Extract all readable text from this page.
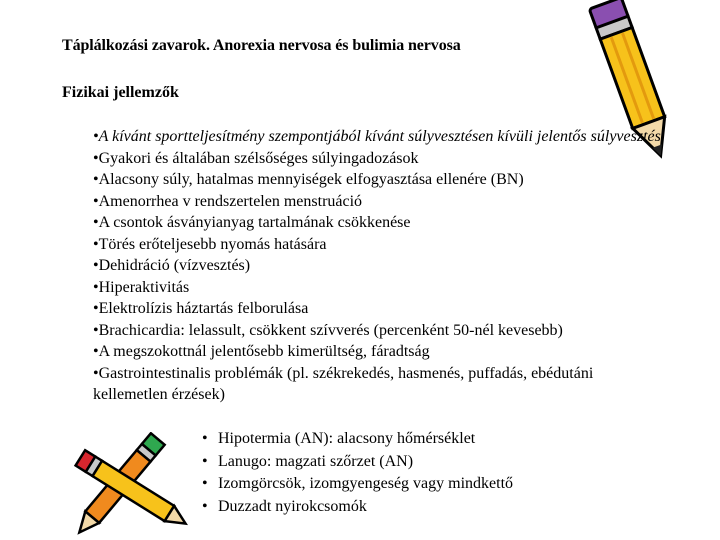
Táplálkozási zavarok. Anorexia nervosa és bulimia nervosa
Fizikai jellemzők
•A kívánt sportteljesítmény szempontjából kívánt súlyvesztésen kívüli jelentős súlyvesztés
•Gyakori és általában szélsőséges súlyingadozások
•Alacsony súly, hatalmas mennyiségek elfogyasztása ellenére (BN)
•Amenorrhea v rendszertelen menstruáció
•A csontok ásványianyag tartalmának csökkenése
•Törés erőteljesebb nyomás hatására
•Dehidráció (vízvesztés)
•Hiperaktivitás
•Elektrolízis háztartás felborulása
•Brachicardia: lelassult, csökkent szívverés (percenként 50-nél kevesebb)
•A megszokottnál jelentősebb kimerültség, fáradtság
•Gastrointestinalis problémák (pl. székrekedés, hasmenés, puffadás, ebédutáni kellemetlen érzések)
• Hipotermia (AN): alacsony hőmérséklet
• Lanugo: magzati szőrzet (AN)
• Izomgörcsök, izomgyengeség vagy mindkettő
• Duzzadt nyirokcsomók
